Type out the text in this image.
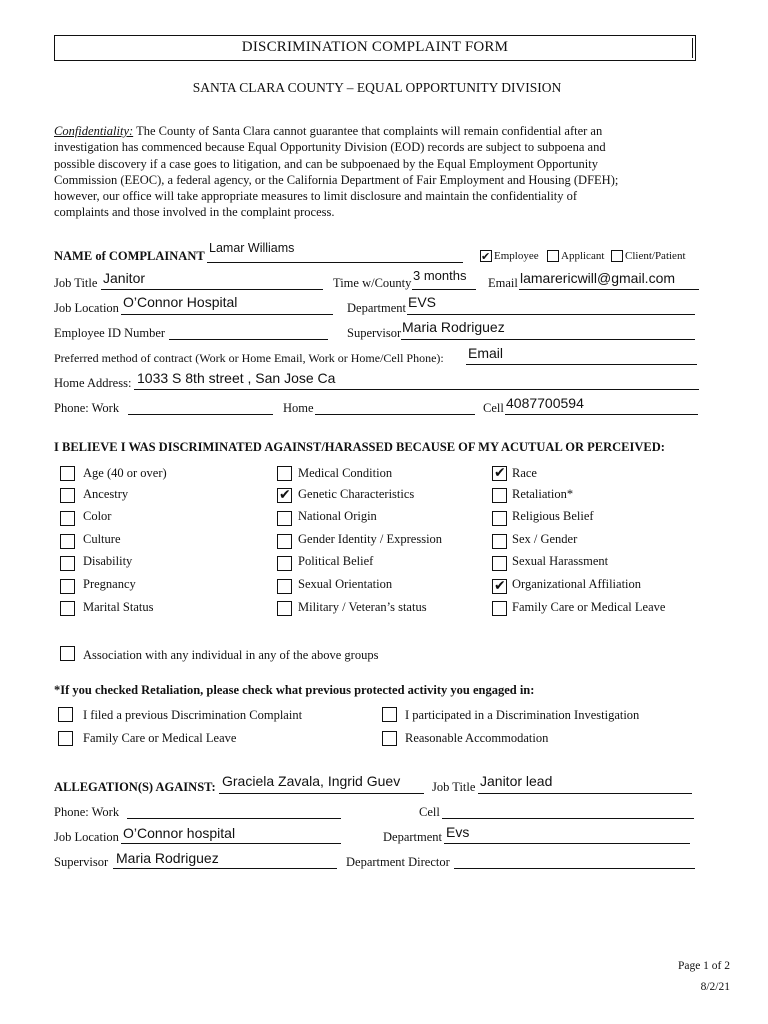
DISCRIMINATION COMPLAINT FORM
SANTA CLARA COUNTY – EQUAL OPPORTUNITY DIVISION
Confidentiality: The County of Santa Clara cannot guarantee that complaints will remain confidential after an
investigation has commenced because Equal Opportunity Division (EOD) records are subject to subpoena and
possible discovery if a case goes to litigation, and can be subpoenaed by the Equal Employment Opportunity
Commission (EEOC), a federal agency, or the California Department of Fair Employment and Housing (DFEH);
however, our office will take appropriate measures to limit disclosure and maintain the confidentiality of
complaints and those involved in the complaint process.
NAME of COMPLAINANT
Lamar Williams
✔ Employee Applicant Client/Patient
Job Title Janitor	Time w/County 3 months Email lamarericwill@gmail.com
Job Location O’Connor Hospital	Department EVS
Employee ID Number	Supervisor Maria Rodriguez
Preferred method of contract (Work or Home Email, Work or Home/Cell Phone): Email
Home Address: 1033 S 8th street , San Jose Ca
Phone: Work	Home	Cell 4087700594
I BELIEVE I WAS DISCRIMINATED AGAINST/HARASSED BECAUSE OF MY ACUTUAL OR PERCEIVED:
Age (40 or over)
Ancestry
Color
Culture
Disability
Pregnancy
Marital Status
Medical Condition
✔ Genetic Characteristics
National Origin
Gender Identity / Expression
Political Belief
Sexual Orientation
Military / Veteran’s status
✔ Race
Retaliation*
Religious Belief
Sex / Gender
Sexual Harassment
✔ Organizational Affiliation
Family Care or Medical Leave
Association with any individual in any of the above groups
*If you checked Retaliation, please check what previous protected activity you engaged in:
I filed a previous Discrimination Complaint	I participated in a Discrimination Investigation
Family Care or Medical Leave	Reasonable Accommodation
ALLEGATION(S) AGAINST: Graciela Zavala, Ingrid Guev	Job Title Janitor lead
Phone: Work	Cell
Job Location O’Connor hospital	Department Evs
Supervisor Maria Rodriguez	Department Director
Page 1 of 2
8/2/21
